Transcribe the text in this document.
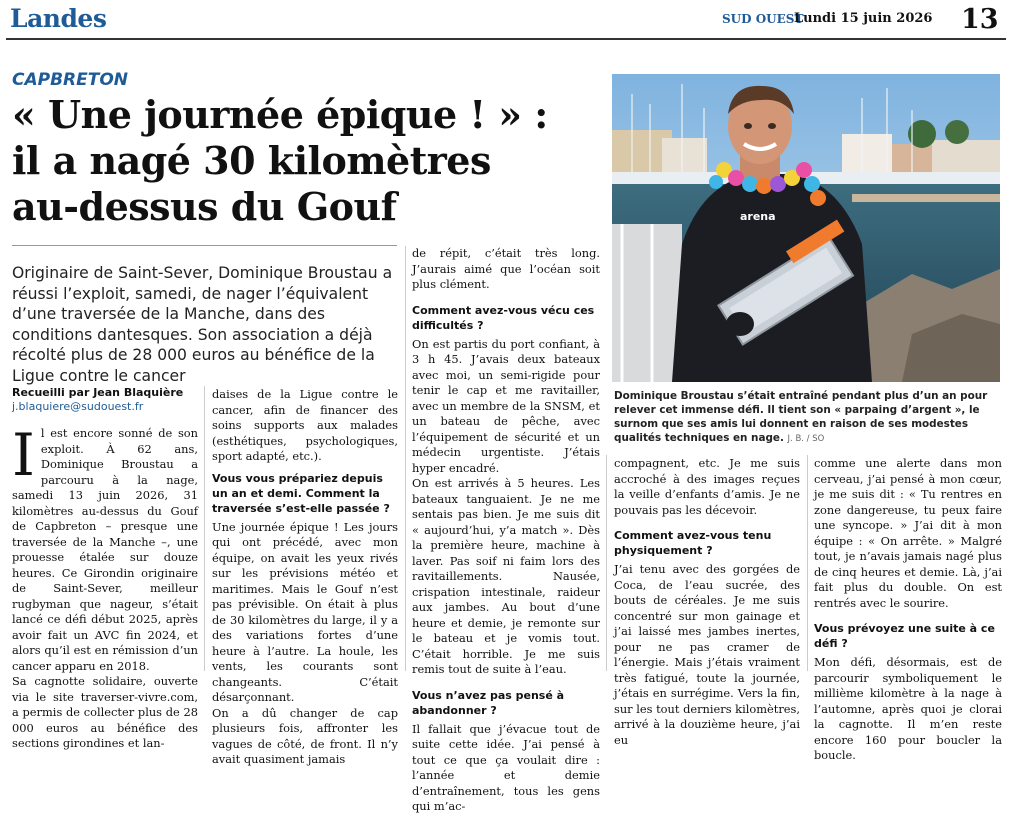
Landes	SUD OUEST
Lundi 15 juin 2026 13
CAPBRETON
« Une journée épique ! » :
il a nagé 30 kilomètres
au-dessus du Gouf
Originaire de Saint-Sever, Dominique Broustau a réussi l’exploit, samedi, de nager l’équivalent d’une traversée de la Manche, dans des conditions dantesques. Son association a déjà récolté plus de 28 000 euros au bénéfice de la Ligue contre le cancer
Recueilli par Jean Blaquière
j.blaquiere@sudouest.fr
I l est encore sonné de son exploit. À 62 ans, Dominique Broustau a parcouru à la nage, samedi 13 juin 2026, 31 kilomètres au-dessus du Gouf de Capbreton – presque une traversée de la Manche –, une prouesse étalée sur douze heures. Ce Girondin originaire de Saint-Sever, meilleur rugbyman que nageur, s’était lancé ce défi début 2025, après avoir fait un AVC fin 2024, et alors qu’il est en rémission d’un cancer apparu en 2018.

Sa cagnotte solidaire, ouverte via le site traverser-vivre.com, a permis de collecter plus de 28 000 euros au bénéfice des sections girondines et lan-

daises de la Ligue contre le cancer, afin de financer des soins supports aux malades (esthétiques, psychologiques, sport adapté, etc.).

Vous vous prépariez depuis un an et demi. Comment la traversée s’est-elle passée ?

Une journée épique ! Les jours qui ont précédé, avec mon équipe, on avait les yeux rivés sur les prévisions météo et maritimes. Mais le Gouf n’est pas prévisible. On était à plus de 30 kilomètres du large, il y a des variations fortes d’une heure à l’autre. La houle, les vents, les courants sont changeants. C’était désarçonnant.

On a dû changer de cap plusieurs fois, affronter les vagues de côté, de front. Il n’y avait quasiment jamais

de répit, c’était très long. J’aurais aimé que l’océan soit plus clément.

Comment avez-vous vécu ces difficultés ?

On est partis du port confiant, à 3 h 45. J’avais deux bateaux avec moi, un semi-rigide pour tenir le cap et me ravitailler, avec un membre de la SNSM, et un bateau de pêche, avec l’équipement de sécurité et un médecin urgentiste. J’étais hyper encadré.

On est arrivés à 5 heures. Les bateaux tanguaient. Je ne me sentais pas bien. Je me suis dit « aujourd’hui, y’a match ». Dès la première heure, machine à laver. Pas soif ni faim lors des ravitaillements. Nausée, crispation intestinale, raideur aux jambes. Au bout d’une heure et demie, je remonte sur le bateau et je vomis tout. C’était horrible. Je me suis remis tout de suite à l’eau.

Vous n’avez pas pensé à abandonner ?

Il fallait que j’évacue tout de suite cette idée. J’ai pensé à tout ce que ça voulait dire : l’année et demie d’entraînement, tous les gens qui m’ac-

arena
Dominique Broustau s’était entraîné pendant plus d’un an pour relever cet immense défi. Il tient son « parpaing d’argent », le surnom que ses amis lui donnent en raison de ses modestes qualités techniques en nage. J. B. / SO

compagnent, etc. Je me suis accroché à des images reçues la veille d’enfants d’amis. Je ne pouvais pas les décevoir.

Comment avez-vous tenu physiquement ?

J’ai tenu avec des gorgées de Coca, de l’eau sucrée, des bouts de céréales. Je me suis concentré sur mon gainage et j’ai laissé mes jambes inertes, pour ne pas cramer de l’énergie. Mais j’étais vraiment très fatigué, toute la journée, j’étais en surrégime. Vers la fin, sur les tout derniers kilomètres, arrivé à la douzième heure, j’ai eu

comme une alerte dans mon cerveau, j’ai pensé à mon cœur, je me suis dit : « Tu rentres en zone dangereuse, tu peux faire une syncope. » J’ai dit à mon équipe : « On arrête. » Malgré tout, je n’avais jamais nagé plus de cinq heures et demie. Là, j’ai fait plus du double. On est rentrés avec le sourire.

Vous prévoyez une suite à ce défi ?

Mon défi, désormais, est de parcourir symboliquement le millième kilomètre à la nage à l’automne, après quoi je clorai la cagnotte. Il m’en reste encore 160 pour boucler la boucle.
